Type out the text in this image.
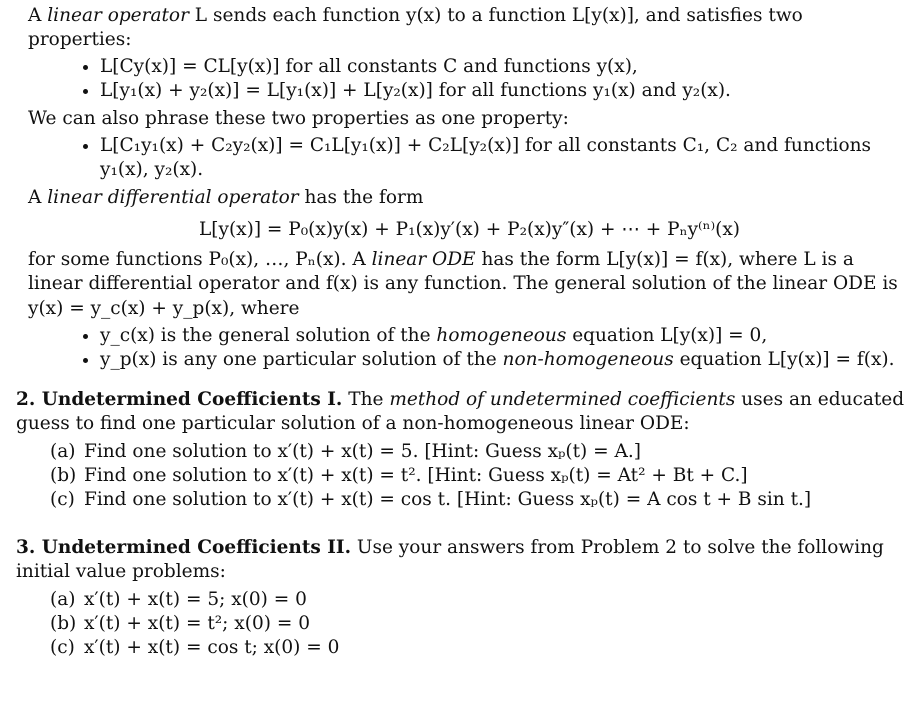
A linear operator L sends each function y(x) to a function L[y(x)], and satisfies two properties:

• L[Cy(x)] = CL[y(x)] for all constants C and functions y(x),
• L[y₁(x) + y₂(x)] = L[y₁(x)] + L[y₂(x)] for all functions y₁(x) and y₂(x).

We can also phrase these two properties as one property:

• L[C₁y₁(x) + C₂y₂(x)] = C₁L[y₁(x)] + C₂L[y₂(x)] for all constants C₁, C₂ and functions y₁(x), y₂(x).

A linear differential operator has the form

L[y(x)] = P₀(x)y(x) + P₁(x)y′(x) + P₂(x)y″(x) + ⋯ + Pₙy⁽ⁿ⁾(x)

for some functions P₀(x), …, Pₙ(x). A linear ODE has the form L[y(x)] = f(x), where L is a linear differential operator and f(x) is any function. The general solution of the linear ODE is y(x) = y_c(x) + y_p(x), where

• y_c(x) is the general solution of the homogeneous equation L[y(x)] = 0,
• y_p(x) is any one particular solution of the non-homogeneous equation L[y(x)] = f(x).

2. Undetermined Coefficients I. The method of undetermined coefficients uses an educated guess to find one particular solution of a non-homogeneous linear ODE:

(a) Find one solution to x′(t) + x(t) = 5. [Hint: Guess xₚ(t) = A.]
(b) Find one solution to x′(t) + x(t) = t². [Hint: Guess xₚ(t) = At² + Bt + C.]
(c) Find one solution to x′(t) + x(t) = cos t. [Hint: Guess xₚ(t) = A cos t + B sin t.]

3. Undetermined Coefficients II. Use your answers from Problem 2 to solve the following initial value problems:

(a) x′(t) + x(t) = 5; x(0) = 0
(b) x′(t) + x(t) = t²; x(0) = 0
(c) x′(t) + x(t) = cos t; x(0) = 0
